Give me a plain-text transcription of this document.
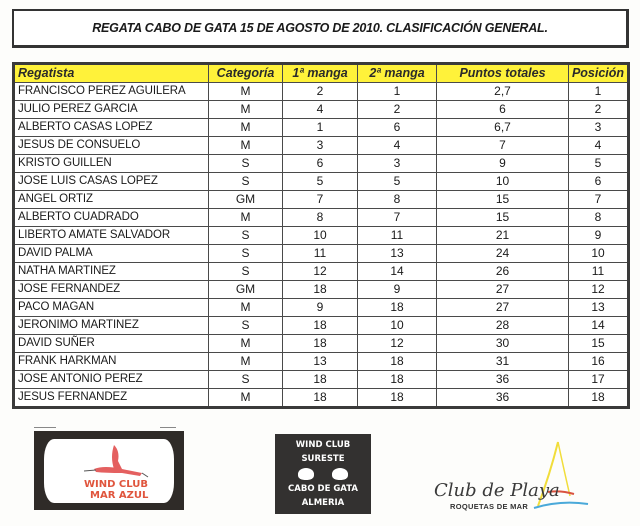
REGATA CABO DE GATA 15 DE AGOSTO DE 2010. CLASIFICACIÓN GENERAL.
Regatista	Categoría	1ª manga	2ª manga	Puntos totales	Posición
FRANCISCO PEREZ AGUILERA	M	2	1	2,7	1
JULIO PEREZ GARCIA	M	4	2	6	2
ALBERTO CASAS LOPEZ	M	1	6	6,7	3
JESUS DE CONSUELO	M	3	4	7	4
KRISTO GUILLEN	S	6	3	9	5
JOSE LUIS CASAS LOPEZ	S	5	5	10	6
ANGEL ORTIZ	GM	7	8	15	7
ALBERTO CUADRADO	M	8	7	15	8
LIBERTO AMATE SALVADOR	S	10	11	21	9
DAVID PALMA	S	11	13	24	10
NATHA MARTINEZ	S	12	14	26	11
JOSE FERNANDEZ	GM	18	9	27	12
PACO MAGAN	M	9	18	27	13
JERONIMO MARTINEZ	S	18	10	28	14
DAVID SUÑER	M	18	12	30	15
FRANK HARKMAN	M	13	18	31	16
JOSE ANTONIO PEREZ	S	18	18	36	17
JESUS FERNANDEZ	M	18	18	36	18
WIND CLUB
MAR AZUL
WIND CLUB
SURESTE
CABO DE GATA
ALMERIA
Club de Playa
ROQUETAS DE MAR
